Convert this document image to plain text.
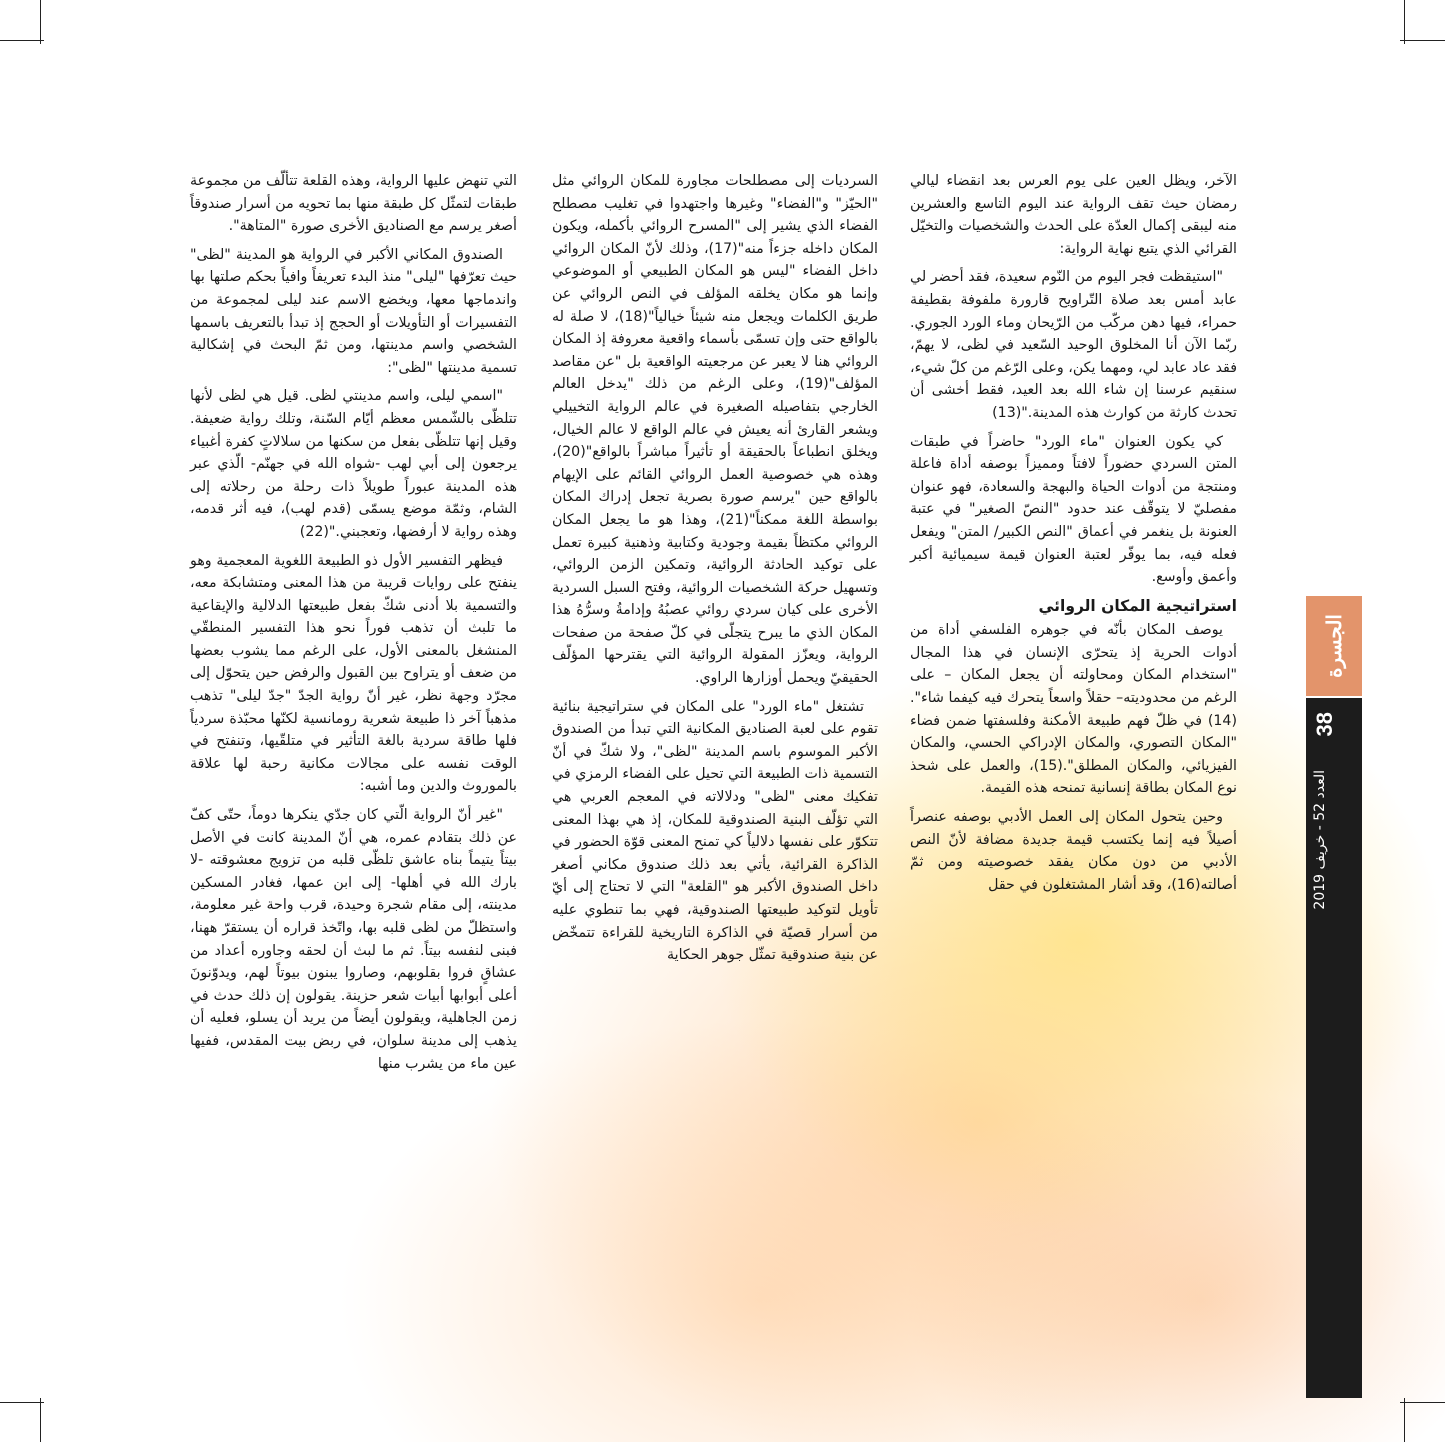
الجسرة
38
العدد 52 - خريف 2019

الآخر، ويظل العين على يوم العرس بعد انقضاء ليالي رمضان حيث تقف الرواية عند اليوم التاسع والعشرين منه ليبقى إكمال العدّة على الحدث والشخصيات والتخيّل القرائي الذي يتبع نهاية الرواية:

"استيقظت فجر اليوم من النّوم سعيدة، فقد أحضر لي عابد أمس بعد صلاة التّراويح قارورة ملفوفة بقطيفة حمراء، فيها دهن مركّب من الرّيحان وماء الورد الجوري. ربّما الآن أنا المخلوق الوحيد السّعيد في لظى، لا يهمّ، فقد عاد عابد لي، ومهما يكن، وعلى الرّغم من كلّ شيء، سنقيم عرسنا إن شاء الله بعد العيد، فقط أخشى أن تحدث كارثة من كوارث هذه المدينة."(13)

كي يكون العنوان "ماء الورد" حاضراً في طبقات المتن السردي حضوراً لافتاً ومميزاً بوصفه أداة فاعلة ومنتجة من أدوات الحياة والبهجة والسعادة، فهو عنوان مفصليّ لا يتوقّف عند حدود "النصّ الصغير" في عتبة العنونة بل ينغمر في أعماق "النص الكبير/ المتن" ويفعل فعله فيه، بما يوفّر لعتبة العنوان قيمة سيميائية أكبر وأعمق وأوسع.

استراتيجية المكان الروائي

يوصف المكان بأنّه في جوهره الفلسفي أداة من أدوات الحرية إذ يتحرّى الإنسان في هذا المجال "استخدام المكان ومحاولته أن يجعل المكان – على الرغم من محدوديته– حقلاً واسعاً يتحرك فيه كيفما شاء".(14) في ظلّ فهم طبيعة الأمكنة وفلسفتها ضمن فضاء "المكان التصوري، والمكان الإدراكي الحسي، والمكان الفيزيائي، والمكان المطلق".(15)، والعمل على شحذ نوع المكان بطاقة إنسانية تمنحه هذه القيمة.

وحين يتحول المكان إلى العمل الأدبي بوصفه عنصراً أصيلاً فيه إنما يكتسب قيمة جديدة مضافة لأنّ النص الأدبي من دون مكان يفقد خصوصيته ومن ثمّ أصالته(16)، وقد أشار المشتغلون في حقل

السرديات إلى مصطلحات مجاورة للمكان الروائي مثل "الحيّز" و"الفضاء" وغيرها واجتهدوا في تغليب مصطلح الفضاء الذي يشير إلى "المسرح الروائي بأكمله، ويكون المكان داخله جزءاً منه"(17)، وذلك لأنّ المكان الروائي داخل الفضاء "ليس هو المكان الطبيعي أو الموضوعي وإنما هو مكان يخلقه المؤلف في النص الروائي عن طريق الكلمات ويجعل منه شيئاً خيالياً"(18)، لا صلة له بالواقع حتى وإن تسمّى بأسماء واقعية معروفة إذ المكان الروائي هنا لا يعبر عن مرجعيته الواقعية بل "عن مقاصد المؤلف"(19)، وعلى الرغم من ذلك "يدخل العالم الخارجي بتفاصيله الصغيرة في عالم الرواية التخييلي ويشعر القارئ أنه يعيش في عالم الواقع لا عالم الخيال، ويخلق انطباعاً بالحقيقة أو تأثيراً مباشراً بالواقع"(20)، وهذه هي خصوصية العمل الروائي القائم على الإيهام بالواقع حين "يرسم صورة بصرية تجعل إدراك المكان بواسطة اللغة ممكناً"(21)، وهذا هو ما يجعل المكان الروائي مكتظاً بقيمة وجودية وكتابية وذهنية كبيرة تعمل على توكيد الحادثة الروائية، وتمكين الزمن الروائي، وتسهيل حركة الشخصيات الروائية، وفتح السبل السردية الأخرى على كيان سردي روائي عصبُهُ وإدامةُ وسرُّهُ هذا المكان الذي ما يبرح يتجلّى في كلّ صفحة من صفحات الرواية، ويعزّز المقولة الروائية التي يقترحها المؤلّف الحقيقيّ ويحمل أوزارها الراوي.

تشتغل "ماء الورد" على المكان في ستراتيجية بنائية تقوم على لعبة الصناديق المكانية التي تبدأ من الصندوق الأكبر الموسوم باسم المدينة "لظى"، ولا شكّ في أنّ التسمية ذات الطبيعة التي تحيل على الفضاء الرمزي في تفكيك معنى "لظى" ودلالاته في المعجم العربي هي التي تؤلّف البنية الصندوقية للمكان، إذ هي بهذا المعنى تتكوّر على نفسها دلالياً كي تمنح المعنى قوّة الحضور في الذاكرة القرائية، يأتي بعد ذلك صندوق مكاني أصغر داخل الصندوق الأكبر هو "القلعة" التي لا تحتاج إلى أيّ تأويل لتوكيد طبيعتها الصندوقية، فهي بما تنطوي عليه من أسرار قصيّة في الذاكرة التاريخية للقراءة تتمخّض عن بنية صندوقية تمثّل جوهر الحكاية

التي تنهض عليها الرواية، وهذه القلعة تتألّف من مجموعة طبقات لتمثّل كل طبقة منها بما تحويه من أسرار صندوقاً أصغر يرسم مع الصناديق الأخرى صورة "المتاهة".

الصندوق المكاني الأكبر في الرواية هو المدينة "لظى" حيث تعرّفها "ليلى" منذ البدء تعريفاً وافياً بحكم صلتها بها واندماجها معها، ويخضع الاسم عند ليلى لمجموعة من التفسيرات أو التأويلات أو الحجج إذ تبدأ بالتعريف باسمها الشخصي واسم مدينتها، ومن ثمّ البحث في إشكالية تسمية مدينتها "لظى":

"اسمي ليلى، واسم مدينتي لظى. قيل هي لظى لأنها تتلظّى بالشّمس معظم أيّام السّنة، وتلك رواية ضعيفة. وقيل إنها تتلظّى بفعل من سكنها من سلالاتٍ كفرة أغبياء يرجعون إلى أبي لهب -شواه الله في جهنّم- الّذي عبر هذه المدينة عبوراً طويلاً ذات رحلة من رحلاته إلى الشام، وثمّة موضع يسمّى (قدم لهب)، فيه أثر قدمه، وهذه رواية لا أرفضها، وتعجبني."(22)

فيظهر التفسير الأول ذو الطبيعة اللغوية المعجمية وهو ينفتح على روايات قريبة من هذا المعنى ومتشابكة معه، والتسمية بلا أدنى شكّ بفعل طبيعتها الدلالية والإيقاعية ما تلبث أن تذهب فوراً نحو هذا التفسير المنطقّي المنشغل بالمعنى الأول، على الرغم مما يشوب بعضها من ضعف أو يتراوح بين القبول والرفض حين يتحوّل إلى مجرّد وجهة نظر، غير أنّ رواية الجدّ "جدّ ليلى" تذهب مذهباً آخر ذا طبيعة شعرية رومانسية لكنّها محبّذة سردياً فلها طاقة سردية بالغة التأثير في متلقّيها، وتنفتح في الوقت نفسه على مجالات مكانية رحبة لها علاقة بالموروث والدين وما أشبه:

"غير أنّ الرواية الّتي كان جدّي ينكرها دوماً، حتّى كفّ عن ذلك بتقادم عمره، هي أنّ المدينة كانت في الأصل بيتاً يتيماً بناه عاشق تلظّى قلبه من تزويج معشوقته -لا بارك الله في أهلها- إلى ابن عمها، فغادر المسكين مدينته، إلى مقام شجرة وحيدة، قرب واحة غير معلومة، واستظلّ من لظى قلبه بها، واتّخذ قراره أن يستقرّ ههنا، فبنى لنفسه بيتاً. ثم ما لبث أن لحقه وجاوره أعداد من عشاقٍ فروا بقلوبهم، وصاروا يبنون بيوتاً لهم، ويدوّنونَ أعلى أبوابها أبيات شعر حزينة. يقولون إن ذلك حدث في زمن الجاهلية، ويقولون أيضاً من يريد أن يسلو، فعليه أن يذهب إلى مدينة سلوان، في ربض بيت المقدس، ففيها عين ماء من يشرب منها
